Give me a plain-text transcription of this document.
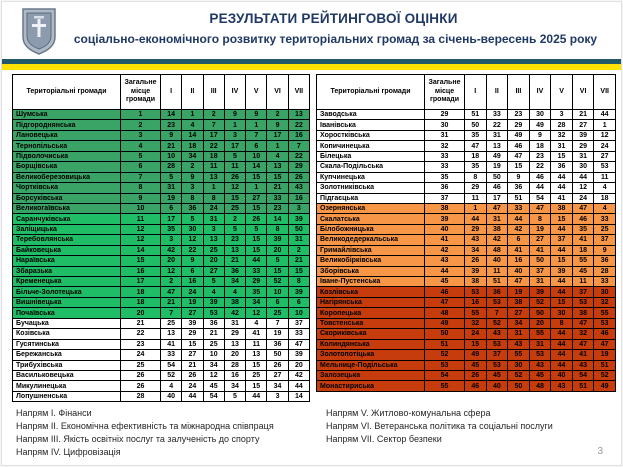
РЕЗУЛЬТАТИ РЕЙТИНГОВОЇ ОЦІНКИ
соціально-економічного розвитку територіальних громад за січень-вересень 2025 року
Територіальні громади	Загальне місце громади	I	II	III	IV	V	VI	VII
Шумська	1	14	1	2	9	9	2	13
Підгороднянська	2	23	4	7	1	1	9	22
Лановецька	3	9	14	17	3	7	17	16
Тернопільська	4	21	18	22	17	6	1	7
Підволочиська	5	10	34	18	5	10	4	22
Борщівська	6	28	2	11	11	14	13	29
Великоберезовицька	7	5	9	13	26	15	15	26
Чортківська	8	31	3	1	12	1	21	43
Борсуківська	9	19	8	8	15	27	33	16
Великогаївська	10	6	36	24	25	15	23	3
Саранчуківська	11	17	5	31	2	26	14	39
Заліщицька	12	35	30	3	5	5	8	50
Теребовлянська	12	3	12	13	23	15	39	31
Байковецька	14	42	22	25	13	15	20	2
Нараївська	15	20	9	20	21	44	5	21
Збаразька	16	12	6	27	36	33	15	15
Кременецька	17	2	16	5	34	29	52	8
Більче-Золотецька	18	47	24	4	4	35	10	39
Вишнівецька	18	21	19	39	38	34	6	6
Почаївська	20	7	27	53	42	12	25	10
Бучацька	21	25	39	36	31	4	7	37
Козівська	22	13	29	21	29	41	19	33
Гусятинська	23	41	15	25	13	11	36	47
Бережанська	24	33	27	10	20	13	50	39
Трибухівська	25	54	21	34	28	15	26	20
Васильковецька	26	52	26	12	16	25	27	42
Микулинецька	26	4	24	45	34	15	34	44
Лопушненська	28	40	44	54	5	44	3	14
Територіальні громади	Загальне місце громади	I	II	III	IV	V	VI	VII
Заводська	29	51	33	23	30	3	21	44
Іванівська	30	50	22	29	49	28	27	1
Хоростківська	31	35	31	49	9	32	39	12
Копичинецька	32	47	13	46	18	31	29	24
Білецька	33	18	49	47	23	15	31	27
Скала-Подільська	33	35	19	15	22	36	30	53
Купчинецька	35	8	50	9	46	44	44	11
Золотниківська	36	29	46	36	44	44	12	4
Підгаєцька	37	11	17	51	54	41	24	18
Озернянська	38	1	47	33	47	38	47	4
Скалатська	39	44	31	44	8	15	46	33
Білобожницька	40	29	38	42	19	44	35	25
Великодедеркальська	41	43	42	6	27	37	41	37
Гримайлівська	42	34	48	41	41	44	18	9
Великобірківська	43	26	40	16	50	15	55	36
Зборівська	44	39	11	40	37	39	45	28
Іване-Пустенська	45	38	51	47	31	44	11	33
Козлівська	46	53	36	19	39	44	37	30
Нагірянська	47	16	53	38	52	15	53	32
Коропецька	48	55	7	27	50	30	38	55
Товстенська	49	32	52	34	20	8	47	53
Скориківська	50	24	43	31	55	44	32	46
Колиндянська	51	15	53	43	31	44	47	47
Золотопотіцька	52	49	37	55	53	44	41	19
Мельнице-Подільська	53	45	53	30	43	44	43	51
Залозецька	54	26	45	52	45	40	54	52
Монастириська	55	46	40	50	48	43	51	49

Напрям I. Фінанси

Напрям II. Економічна ефективність та міжнародна співпраця

Напрям III. Якість освітніх послуг та залученість до спорту

Напрям IV. Цифровізація

Напрям V. Житлово-комунальна сфера

Напрям VI. Ветеранська політика та соціальні послуги

Напрям VII. Сектор безпеки

3
